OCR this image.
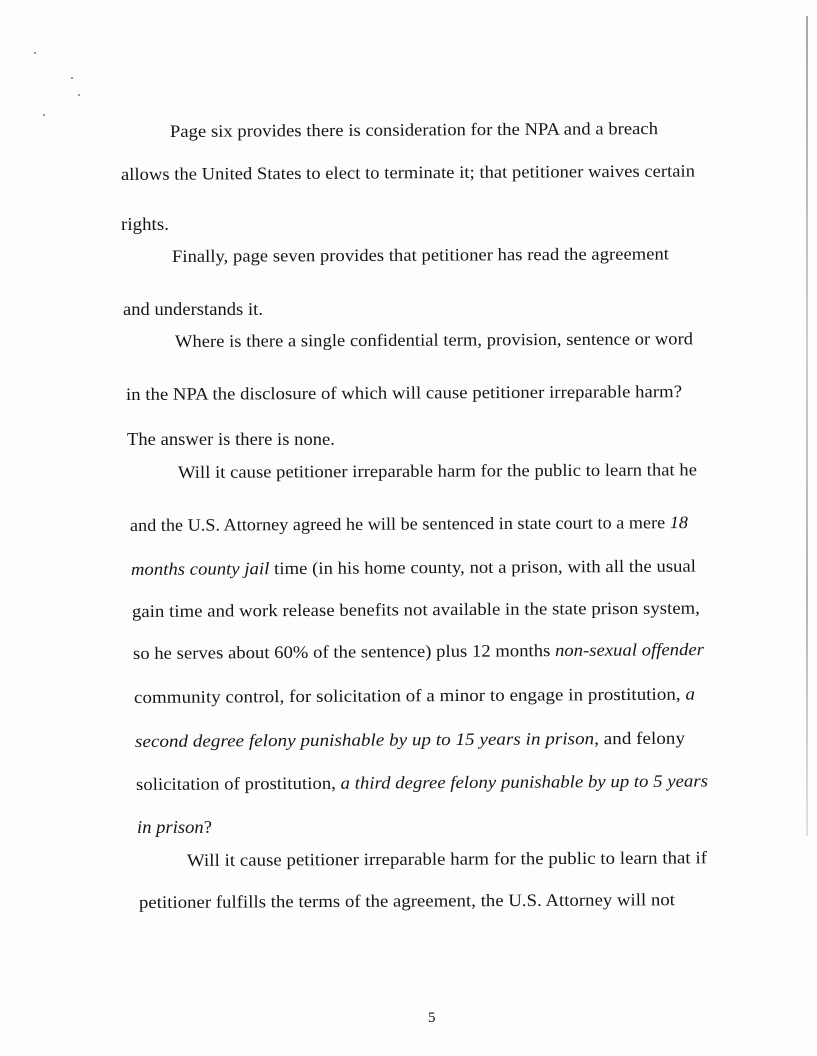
Page six provides there is consideration for the NPA and a breach
allows the United States to elect to terminate it; that petitioner waives certain
rights.
Finally, page seven provides that petitioner has read the agreement
and understands it.
Where is there a single confidential term, provision, sentence or word
in the NPA the disclosure of which will cause petitioner irreparable harm?
The answer is there is none.
Will it cause petitioner irreparable harm for the public to learn that he
and the U.S. Attorney agreed he will be sentenced in state court to a mere 18
months county jail time (in his home county, not a prison, with all the usual
gain time and work release benefits not available in the state prison system,
so he serves about 60% of the sentence) plus 12 months non-sexual offender
community control, for solicitation of a minor to engage in prostitution, a
second degree felony punishable by up to 15 years in prison, and felony
solicitation of prostitution, a third degree felony punishable by up to 5 years
in prison?
Will it cause petitioner irreparable harm for the public to learn that if
petitioner fulfills the terms of the agreement, the U.S. Attorney will not
5
